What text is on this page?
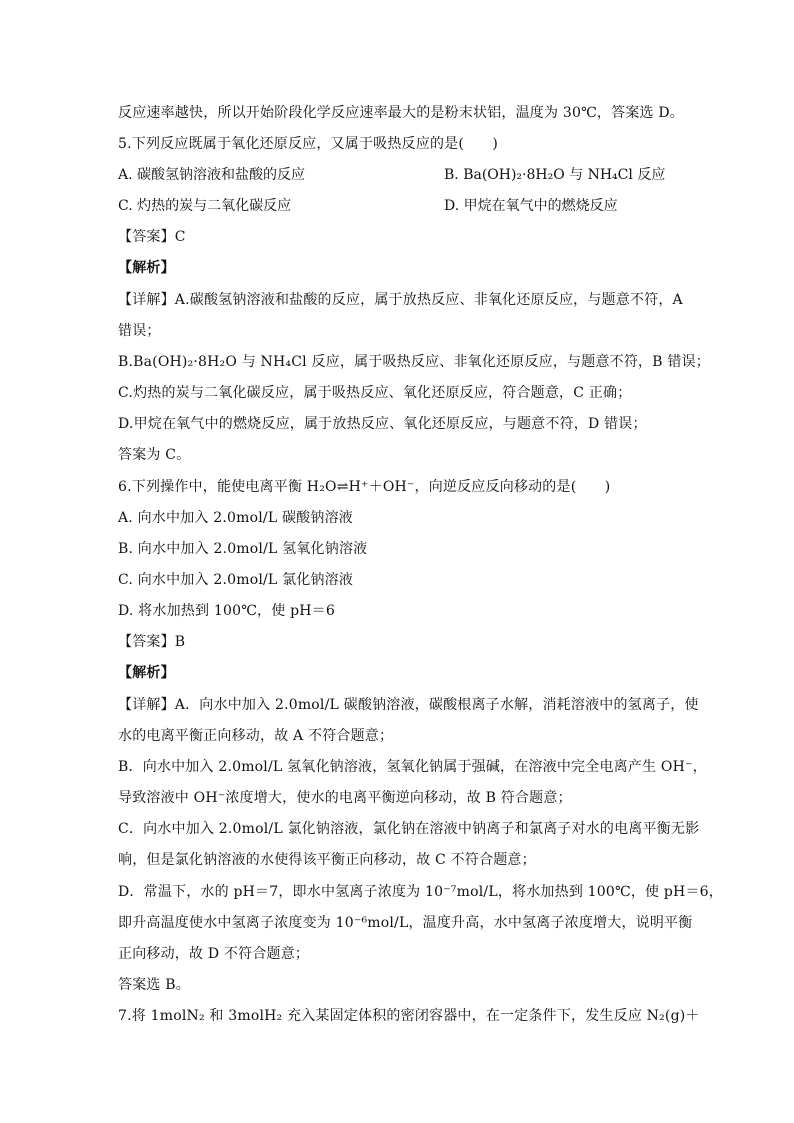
反应速率越快，所以开始阶段化学反应速率最大的是粉末状铝，温度为 30℃，答案选 D。
5.下列反应既属于氧化还原反应，又属于吸热反应的是(　　)
A. 碳酸氢钠溶液和盐酸的反应	B. Ba(OH)₂·8H₂O 与 NH₄Cl 反应
C. 灼热的炭与二氧化碳反应	D. 甲烷在氧气中的燃烧反应
【答案】C
【解析】
【详解】A.碳酸氢钠溶液和盐酸的反应，属于放热反应、非氧化还原反应，与题意不符，A
错误；
B.Ba(OH)₂·8H₂O 与 NH₄Cl 反应，属于吸热反应、非氧化还原反应，与题意不符，B 错误；
C.灼热的炭与二氧化碳反应，属于吸热反应、氧化还原反应，符合题意，C 正确；
D.甲烷在氧气中的燃烧反应，属于放热反应、氧化还原反应，与题意不符，D 错误；
答案为 C。
6.下列操作中，能使电离平衡 H₂O⇌H⁺＋OH⁻，向逆反应反向移动的是(　　)
A. 向水中加入 2.0mol/L 碳酸钠溶液
B. 向水中加入 2.0mol/L 氢氧化钠溶液
C. 向水中加入 2.0mol/L 氯化钠溶液
D. 将水加热到 100℃，使 pH＝6
【答案】B
【解析】
【详解】A．向水中加入 2.0mol/L 碳酸钠溶液，碳酸根离子水解，消耗溶液中的氢离子，使
水的电离平衡正向移动，故 A 不符合题意；
B．向水中加入 2.0mol/L 氢氧化钠溶液，氢氧化钠属于强碱，在溶液中完全电离产生 OH⁻，
导致溶液中 OH⁻浓度增大，使水的电离平衡逆向移动，故 B 符合题意；
C．向水中加入 2.0mol/L 氯化钠溶液，氯化钠在溶液中钠离子和氯离子对水的电离平衡无影
响，但是氯化钠溶液的水使得该平衡正向移动，故 C 不符合题意；
D．常温下，水的 pH＝7，即水中氢离子浓度为 10⁻⁷mol/L，将水加热到 100℃，使 pH＝6，
即升高温度使水中氢离子浓度变为 10⁻⁶mol/L，温度升高，水中氢离子浓度增大，说明平衡
正向移动，故 D 不符合题意；
答案选 B。
7.将 1molN₂ 和 3molH₂ 充入某固定体积的密闭容器中，在一定条件下，发生反应 N₂(g)＋
